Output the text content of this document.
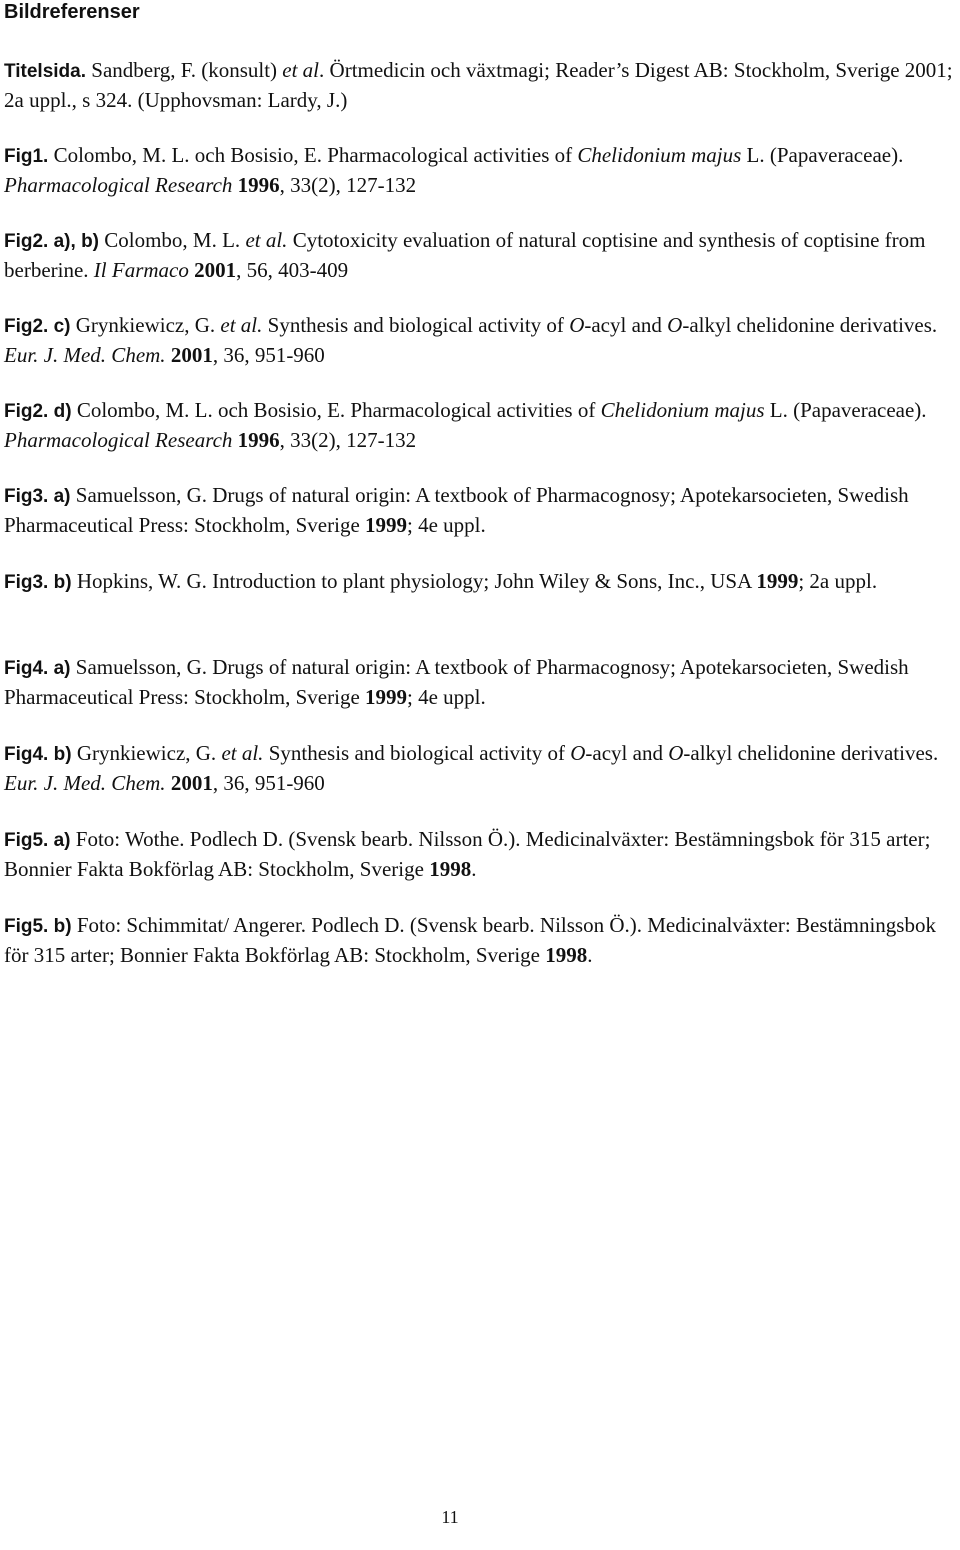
Bildreferenser
Titelsida. Sandberg, F. (konsult) et al. Örtmedicin och växtmagi; Reader’s Digest AB: Stockholm, Sverige 2001; 2a uppl., s 324. (Upphovsman: Lardy, J.)
Fig1. Colombo, M. L. och Bosisio, E. Pharmacological activities of Chelidonium majus L. (Papaveraceae). Pharmacological Research 1996, 33(2), 127-132
Fig2. a), b) Colombo, M. L. et al. Cytotoxicity evaluation of natural coptisine and synthesis of coptisine from berberine. Il Farmaco 2001, 56, 403-409
Fig2. c) Grynkiewicz, G. et al. Synthesis and biological activity of O-acyl and O-alkyl chelidonine derivatives. Eur. J. Med. Chem. 2001, 36, 951-960
Fig2. d) Colombo, M. L. och Bosisio, E. Pharmacological activities of Chelidonium majus L. (Papaveraceae). Pharmacological Research 1996, 33(2), 127-132
Fig3. a) Samuelsson, G. Drugs of natural origin: A textbook of Pharmacognosy; Apotekarsocieten, Swedish Pharmaceutical Press: Stockholm, Sverige 1999; 4e uppl.
Fig3. b) Hopkins, W. G. Introduction to plant physiology; John Wiley & Sons, Inc., USA 1999; 2a uppl.
Fig4. a) Samuelsson, G. Drugs of natural origin: A textbook of Pharmacognosy; Apotekarsocieten, Swedish Pharmaceutical Press: Stockholm, Sverige 1999; 4e uppl.
Fig4. b) Grynkiewicz, G. et al. Synthesis and biological activity of O-acyl and O-alkyl chelidonine derivatives. Eur. J. Med. Chem. 2001, 36, 951-960
Fig5. a) Foto: Wothe. Podlech D. (Svensk bearb. Nilsson Ö.). Medicinalväxter: Bestämningsbok för 315 arter; Bonnier Fakta Bokförlag AB: Stockholm, Sverige 1998.
Fig5. b) Foto: Schimmitat/ Angerer. Podlech D. (Svensk bearb. Nilsson Ö.). Medicinalväxter: Bestämningsbok för 315 arter; Bonnier Fakta Bokförlag AB: Stockholm, Sverige 1998.
11
